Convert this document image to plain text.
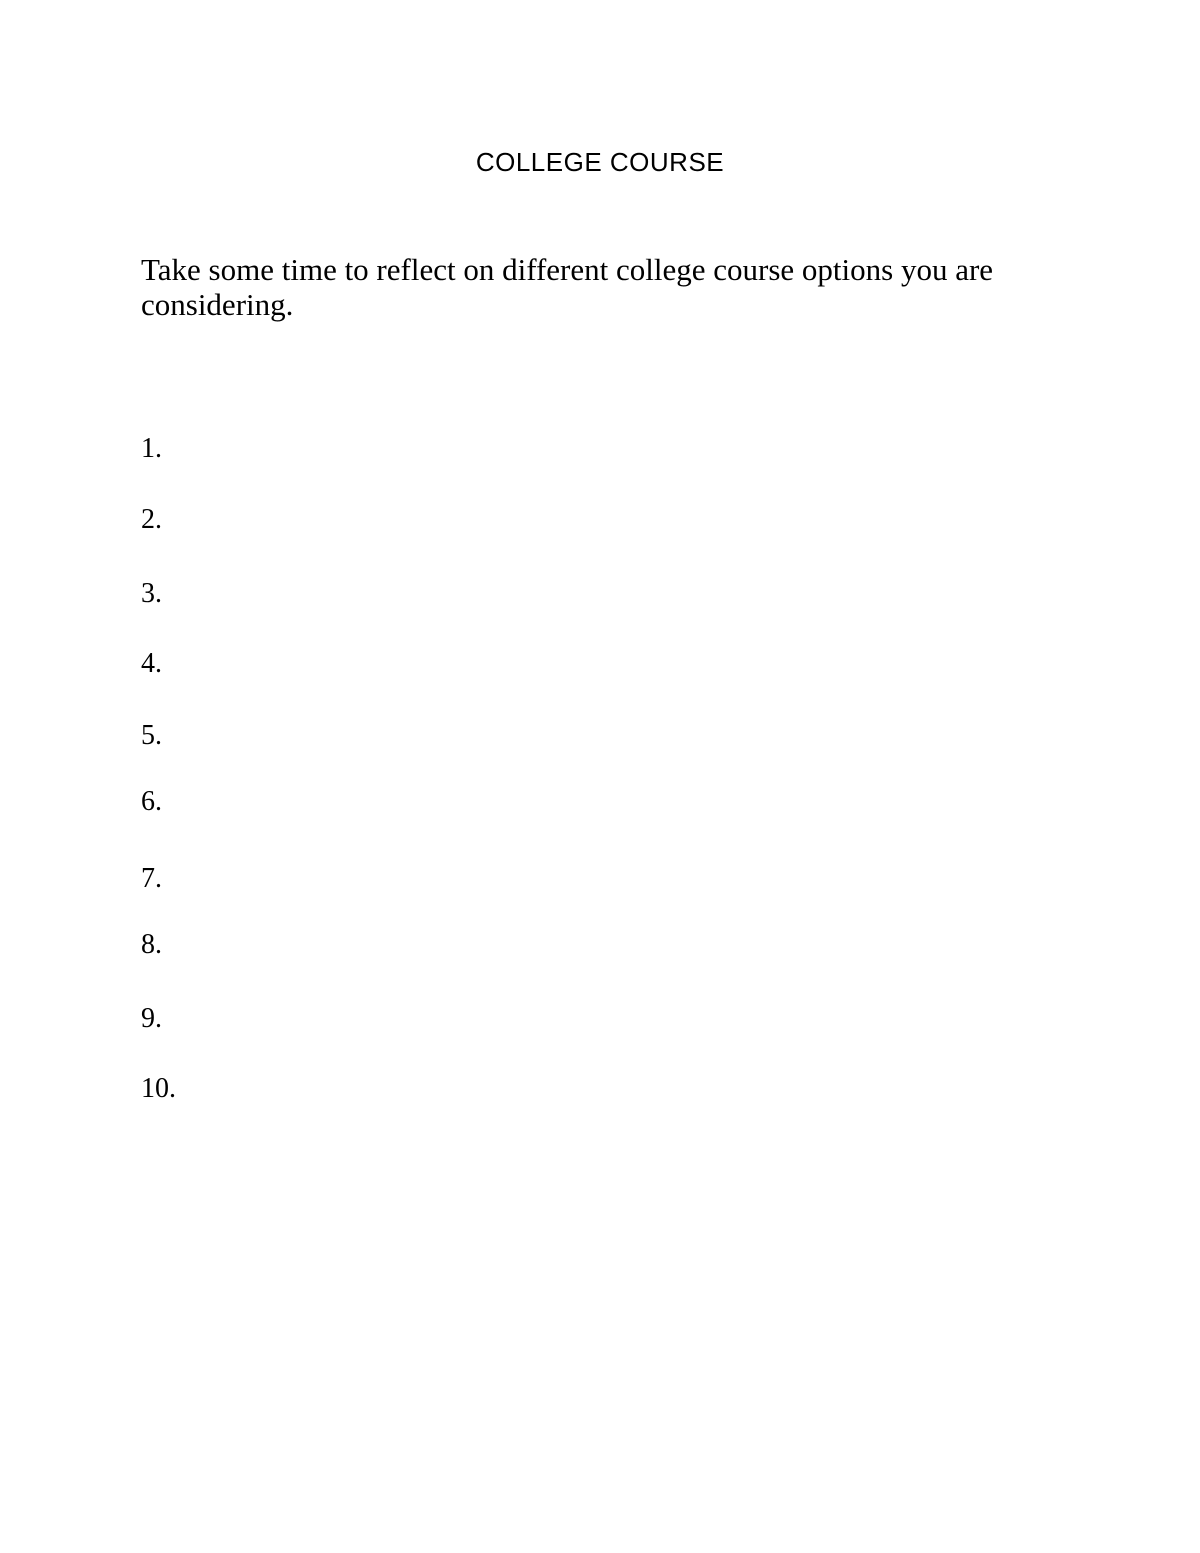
COLLEGE COURSE
Take some time to reflect on different college course options you are considering.
1.
2.
3.
4.
5.
6.
7.
8.
9.
10.
